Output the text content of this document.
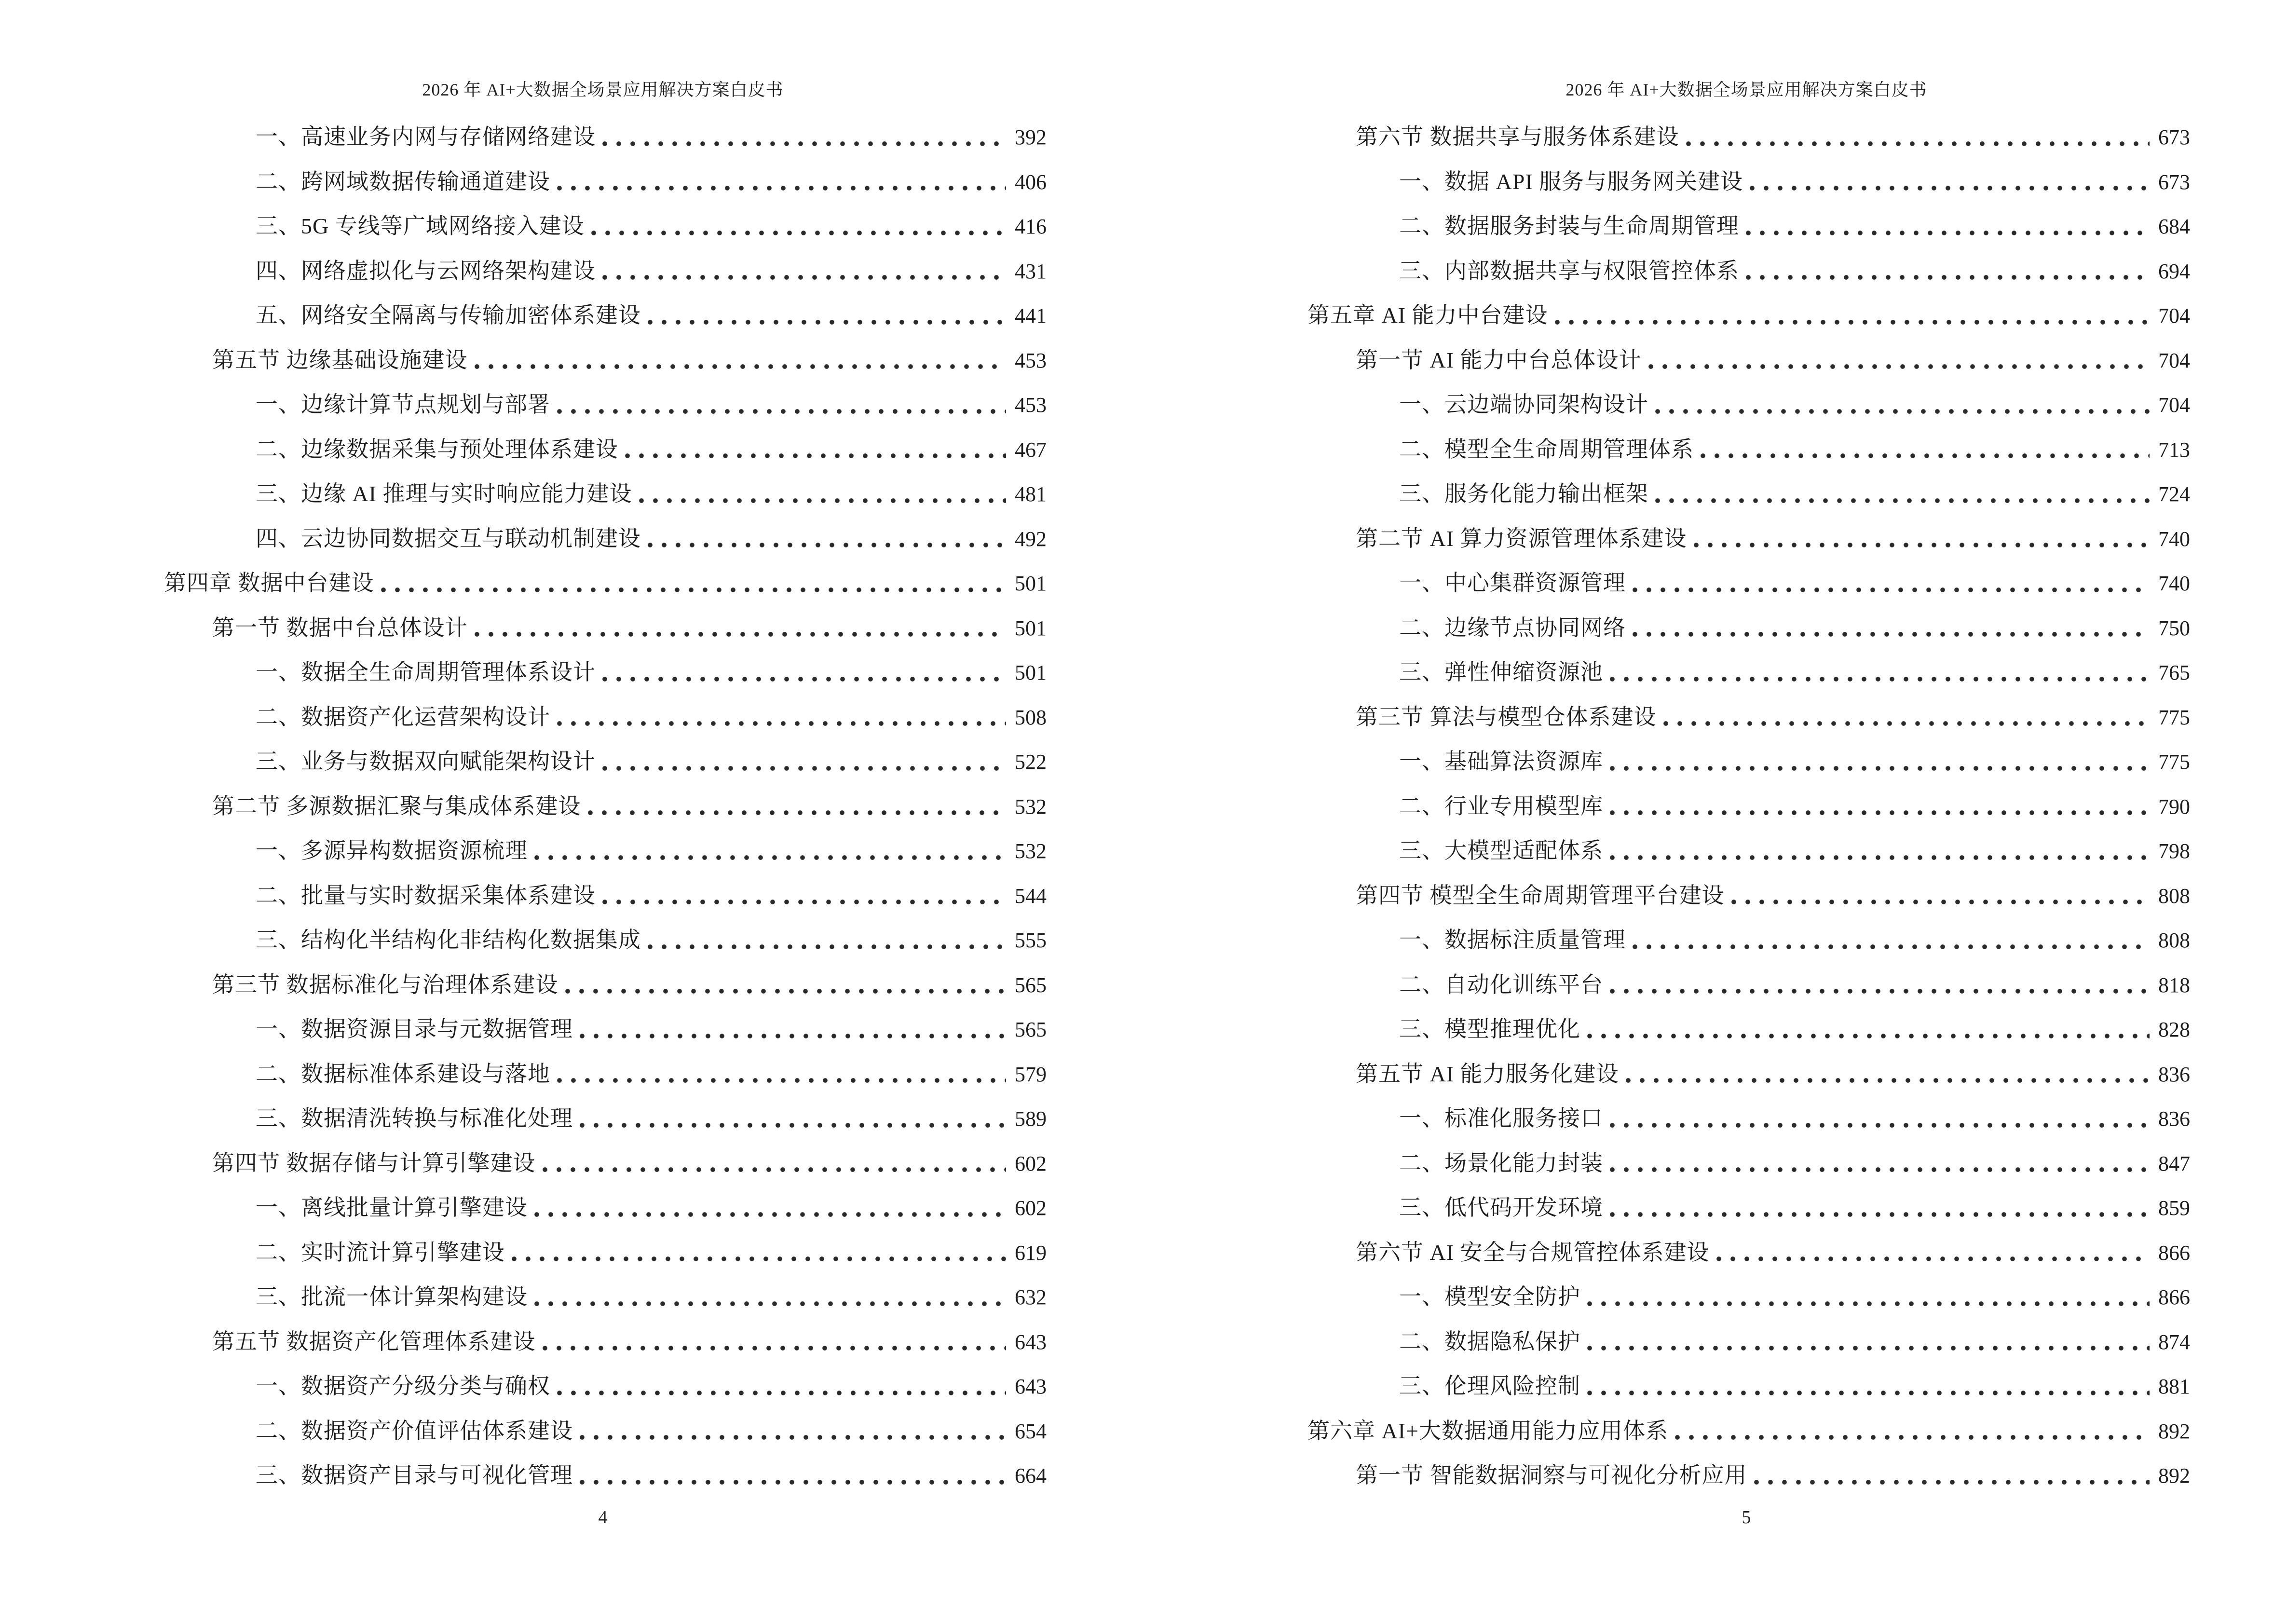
2026 年 AI+大数据全场景应用解决方案白皮书
一、高速业务内网与存储网络建设	392
二、跨网域数据传输通道建设	406
三、5G 专线等广域网络接入建设	416
四、网络虚拟化与云网络架构建设	431
五、网络安全隔离与传输加密体系建设	441
第五节 边缘基础设施建设	453
一、边缘计算节点规划与部署	453
二、边缘数据采集与预处理体系建设	467
三、边缘 AI 推理与实时响应能力建设	481
四、云边协同数据交互与联动机制建设	492
第四章 数据中台建设	501
第一节 数据中台总体设计	501
一、数据全生命周期管理体系设计	501
二、数据资产化运营架构设计	508
三、业务与数据双向赋能架构设计	522
第二节 多源数据汇聚与集成体系建设	532
一、多源异构数据资源梳理	532
二、批量与实时数据采集体系建设	544
三、结构化半结构化非结构化数据集成	555
第三节 数据标准化与治理体系建设	565
一、数据资源目录与元数据管理	565
二、数据标准体系建设与落地	579
三、数据清洗转换与标准化处理	589
第四节 数据存储与计算引擎建设	602
一、离线批量计算引擎建设	602
二、实时流计算引擎建设	619
三、批流一体计算架构建设	632
第五节 数据资产化管理体系建设	643
一、数据资产分级分类与确权	643
二、数据资产价值评估体系建设	654
三、数据资产目录与可视化管理	664
4
2026 年 AI+大数据全场景应用解决方案白皮书
第六节 数据共享与服务体系建设	673
一、数据 API 服务与服务网关建设	673
二、数据服务封装与生命周期管理	684
三、内部数据共享与权限管控体系	694
第五章 AI 能力中台建设	704
第一节 AI 能力中台总体设计	704
一、云边端协同架构设计	704
二、模型全生命周期管理体系	713
三、服务化能力输出框架	724
第二节 AI 算力资源管理体系建设	740
一、中心集群资源管理	740
二、边缘节点协同网络	750
三、弹性伸缩资源池	765
第三节 算法与模型仓体系建设	775
一、基础算法资源库	775
二、行业专用模型库	790
三、大模型适配体系	798
第四节 模型全生命周期管理平台建设	808
一、数据标注质量管理	808
二、自动化训练平台	818
三、模型推理优化	828
第五节 AI 能力服务化建设	836
一、标准化服务接口	836
二、场景化能力封装	847
三、低代码开发环境	859
第六节 AI 安全与合规管控体系建设	866
一、模型安全防护	866
二、数据隐私保护	874
三、伦理风险控制	881
第六章 AI+大数据通用能力应用体系	892
第一节 智能数据洞察与可视化分析应用	892
5
